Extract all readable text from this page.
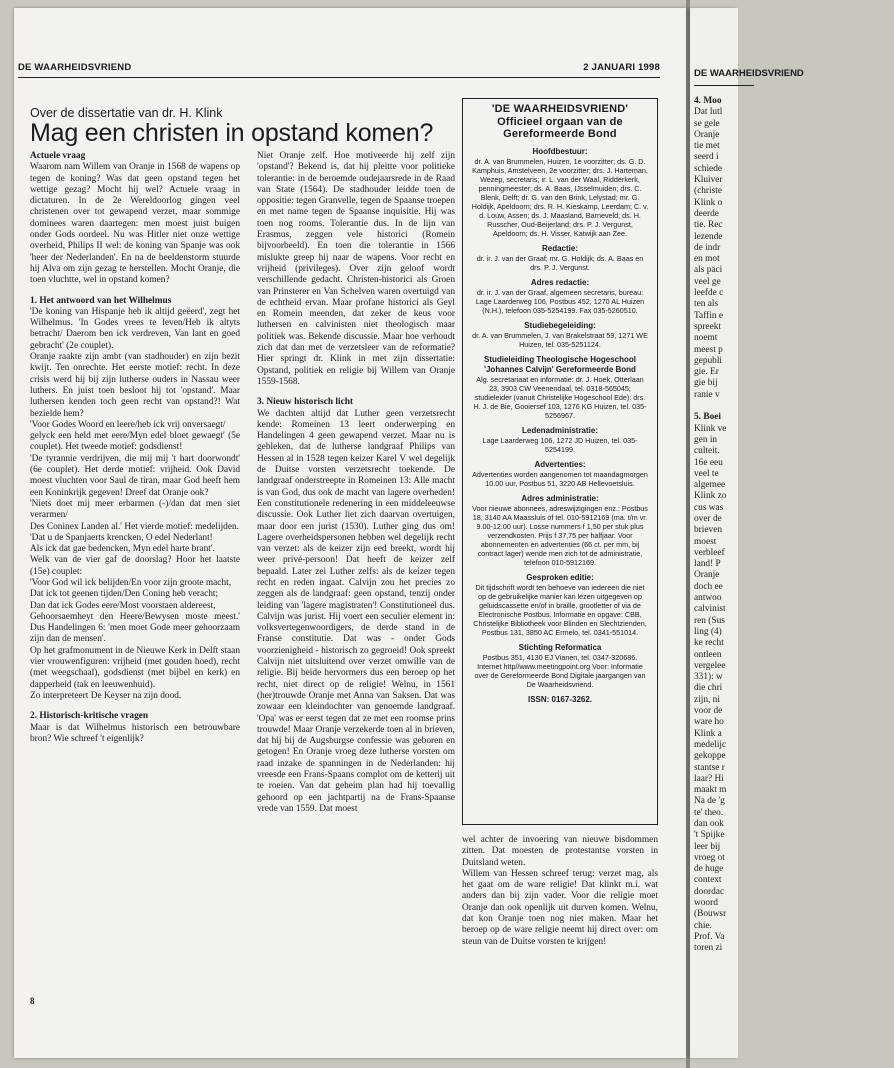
DE WAARHEIDSVRIEND	2 JANUARI 1998
Over de dissertatie van dr. H. Klink
Mag een christen in opstand komen?

Actuele vraag

Waarom nam Willem van Oranje in 1568 de wapens op tegen de koning? Was dat geen opstand tegen het wettige gezag? Mocht hij wel? Actuele vraag in dictaturen. In de 2e Wereldoorlog gingen veel christenen over tot gewapend verzet, maar sommige dominees waren daartegen: men moest juist buigen onder Gods oordeel. Nu was Hitler niet onze wettige overheid, Philips II wel: de koning van Spanje was ook 'heer der Nederlanden'. En na de beeldenstorm stuurde hij Alva om zijn gezag te herstellen. Mocht Oranje, die toen vluchtte, wel in opstand komen?

1. Het antwoord van het Wilhelmus

'De koning van Hispanje heb ik altijd geëerd', zegt het Wilhelmus. 'In Godes vrees te leven/Heb ik altyts betracht/ Daerom ben ick verdreven, Van lant en goed gebracht' (2e couplet).

Oranje raakte zijn ambt (van stadhouder) en zijn bezit kwijt. Ten onrechte. Het eerste motief: recht. In deze crisis werd hij bij zijn lutherse ouders in Nassau weer luthers. En juist toen besloot hij tot 'opstand'. Maar luthersen kenden toch geen recht van opstand?! Wat bezielde hem?

'Voor Godes Woord en leere/heb ick vrij onversaegt/

gelyck een held met eere/Myn edel bloet gewaegt' (5e couplet). Het tweede motief: godsdienst!

'De tyrannie verdrijven, die mij mij 't hart doorwondt' (6e couplet). Het derde motief: vrijheid. Ook David moest vluchten voor Saul de tiran, maar God heeft hem een Koninkrijk gegeven! Dreef dat Oranje ook?

'Niets doet mij meer erbarmen (-)/dan dat men siet verarmen/

Des Coninex Landen al.' Het vierde motief: medelijden.

'Dat u de Spanjaerts krencken, O edel Nederlant!

Als ick dat gae bedencken, Myn edel harte brant'.

Welk van de vier gaf de doorslag? Hoor het laatste (15e) couplet:

'Voor God wil ick belijden/En voor zijn groote macht,

Dat ick tot geenen tijden/Den Coning heb veracht;

Dan dat ick Godes eere/Most voorstaen aldereest,

Gehoorsaemheyt den Heere/Bewysen moste meest.' Dus Handelingen 6: 'men moet Gode meer gehoorzaam zijn dan de mensen'.

Op het grafmonument in de Nieuwe Kerk in Delft staan vier vrouwenfiguren: vrijheid (met gouden hoed), recht (met weegschaal), godsdienst (met bijbel en kerk) en dapperheid (tak en leeuwenhuid).

Zo interpreteert De Keyser na zijn dood.

2. Historisch-kritische vragen

Maar is dat Wilhelmus historisch een betrouwbare bron? Wie schreef 't eigenlijk?

Niet Oranje zelf. Hoe motiveerde hij zelf zijn 'opstand'? Bekend is, dat hij pleitte voor politieke tolerantie: in de beroemde oudejaarsrede in de Raad van State (1564). De stadhouder leidde toen de oppositie: tegen Granvelle, tegen de Spaanse troepen en met name tegen de Spaanse inquisitie. Hij was toen nog rooms. Tolerantie dus. In de lijn van Erasmus, zeggen vele historici (Romein bijvoorbeeld). En toen die tolerantie in 1566 mislukte greep hij naar de wapens. Voor recht en vrijheid (privileges). Over zijn geloof wordt verschillende gedacht. Christen-historici als Groen van Prinsterer en Van Schelven waren overtuigd van de echtheid ervan. Maar profane historici als Geyl en Romein meenden, dat zeker de keus voor luthersen en calvinisten niet theologisch maar politiek was. Bekende discussie. Maar hoe verhoudt zich dat dan met de verzetsleer van de reformatie? Hier springt dr. Klink in met zijn dissertatie: Opstand, politiek en religie bij Willem van Oranje 1559-1568.

3. Nieuw historisch licht

We dachten altijd dat Luther geen verzetsrecht kende: Romeinen 13 leert onderwerping en Handelingen 4 geen gewapend verzet. Maar nu is gebleken, dat de lutherse landgraaf Philips van Hessen al in 1528 tegen keizer Karel V wel degelijk de Duitse vorsten verzetsrecht toekende. De landgraaf onderstreepte in Romeinen 13: Alle macht is van God, dus ook de macht van lagere overheden! Een constitutionele redenering in een middeleeuwse discussie. Ook Luther liet zich daarvan overtuigen, maar door een jurist (1530). Luther ging dus om! Lagere overheidspersonen hebben wel degelijk recht van verzet: als de keizer zijn eed breekt, wordt hij weer privé-persoon! Dat heeft de keizer zelf bepaald. Later zei Luther zelfs: als de keizer tegen recht en reden ingaat. Calvijn zou het precies zo zeggen als de landgraaf: geen opstand, tenzij onder leiding van 'lagere magistraten'! Constitutioneel dus. Calvijn was jurist. Hij voert een seculier element in: volksvertegenwoordigers, de derde stand in de Franse constitutie. Dat was - onder Gods voorzienigheid - historisch zo gegroeid! Ook spreekt Calvijn niet uitsluitend over verzet omwille van de religie. Bij beide hervormers dus een beroep op het recht, niet direct op de religie! Welnu, in 1561 (her)trouwde Oranje met Anna van Saksen. Dat was zowaar een kleindochter van genoemde landgraaf. 'Opa' was er eerst tegen dat ze met een roomse prins trouwde! Maar Oranje verzekerde toen al in brieven, dat hij bij de Augsburgse confessie was geboren en getogen! En Oranje vroeg deze lutherse vorsten om raad inzake de spanningen in de Nederlanden: hij vreesde een Frans-Spaans complot om de ketterij uit te roeien. Van dat geheim plan had hij toevallig gehoord op een jachtpartij na de Frans-Spaanse vrede van 1559. Dat moest

'DE WAARHEIDSVRIEND'
Officieel orgaan van de
Gereformeerde Bond
Hoofdbestuur:
dr. A. van Brummelen, Huizen, 1e voorzitter; ds. G. D. Kamphuis, Amstelveen, 2e voorzitter; drs. J. Harteman, Wezep, secretaris; ir. L. van der Waal, Ridderkerk, penningmeester; ds. A. Baas, IJsselmuiden; drs. C. Blenk, Delft; dr. G. van den Brink, Lelystad; mr. G. Holdijk, Apeldoorn; drs. R. H. Kieskamp, Leerdam; C. v. d. Louw, Assen; ds. J. Maasland, Barneveld; ds. H. Russcher, Oud-Beijerland; drs. P. J. Vergunst, Apeldoorn; ds. H. Visser, Katwijk aan Zee.
Redactie:
dr. ir. J. van der Graaf; mr. G. Holdijk; ds. A. Baas en drs. P. J. Vergunst.
Adres redactie:
dr. ir. J. van der Graaf, algemeen secretaris, bureau: Lage Laarderweg 106, Postbus 452, 1270 AL Huizen (N.H.), telefoon 035-5254199. Fax 035-5260510.
Studiebegeleiding:
dr. A. van Brummelen, J. van Brakelstraat 59, 1271 WE Huizen, tel. 035-5251124.
Studieleiding Theologische Hogeschool 'Johannes Calvijn' Gereformeerde Bond
Alg. secretariaat en informatie: dr. J. Hoek, Otterlaan 23, 3903 CW Veenendaal, tel. 0318-565045; studieleider (vanuit Christelijke Hogeschool Ede): drs. H. J. de Bie, Gooiersef 103, 1276 KG Huizen, tel. 035-5256967.
Ledenadministratie:
Lage Laarderweg 106, 1272 JD Huizen, tel. 035-5254199.
Advertenties:
Advertenties worden aangenomen tot maandagmorgen 10.00 uur, Postbus 51, 3220 AB Hellevoetsluis.
Adres administratie:
Voor nieuwe abonnees, adreswijzigingen enz.: Postbus 18, 3140 AA Maassluis of tel. 010-5912169 (ma. t/m vr. 9.00-12.00 uur). Losse nummers f 1,50 per stuk plus verzendkosten. Prijs f 37,75 per halfjaar. Voor abonnementen en advertenties (66 ct. per mm, bij contract lager) wende men zich tot de administratie, telefoon 010-5912169.
Gesproken editie:
Dit tijdschrift wordt ten behoeve van iedereen die niet op de gebruikelijke manier kan lezen uitgegeven op geluidscassette en/of in braille, grootletter of via de Electronische Postbus. Informatie en opgave: CBB, Christelijke Bibliotheek voor Blinden en Slechtzienden, Postbus 131, 3850 AC Ermelo, tel. 0341-551014.
Stichting Reformatica
Postbus 351, 4130 EJ Vianen, tel. 0347-320686. Internet http//www.meetingpoint.org Voor: Informatie over de Gereformeerde Bond Digitale jaargangen van De Waarheidsvriend.
ISSN: 0167-3262.

wel achter de invoering van nieuwe bisdommen zitten. Dat moesten de protestantse vorsten in Duitsland weten.

Willem van Hessen schreef terug: verzet mag, als het gaat om de ware religie! Dat klinkt m.i. wat anders dan bij zijn vader. Voor die religie moet Oranje dan ook openlijk uit durven komen. Welnu, dat kon Oranje toen nog niet maken. Maar het beroep op de ware religie neemt hij direct over: om steun van de Duitse vorsten te krijgen!

8
DE WAARHEIDSVRIEND

4. Moo

Dat lutl

se gele

Oranje

tie met

seerd i

schiede

Kluiver

(christe

Klink o

deerde

tie. Rec

lezende

de indr

en mot

als paci

veel ge

leefde c

ten als

Taffin e

spreekt

noemt

meest p

gepubli

gie. Er

gie bij

ranie v

5. Boei

Klink ve

gen in

culteit.

16e eeu

veel te

algemee

Klink zo

cus was

over de

brieven

moest

verbleef

land! P

Oranje

doch ee

antwoo

calvinist

ren (Sus

ling (4)

ke recht

ontleen

vergelee

331): w

die chri

zijn, ni

voor de

ware ho

Klink a

medelijc

gekoppe

stantse r

laar? Hi

maakt m

Na de 'g

te' theo.

dan ook

't Spijke

leer bij

vroeg ot

de huge

context

doordac

woord

(Bouwsr

chie.

Prof. Va

toren zi
